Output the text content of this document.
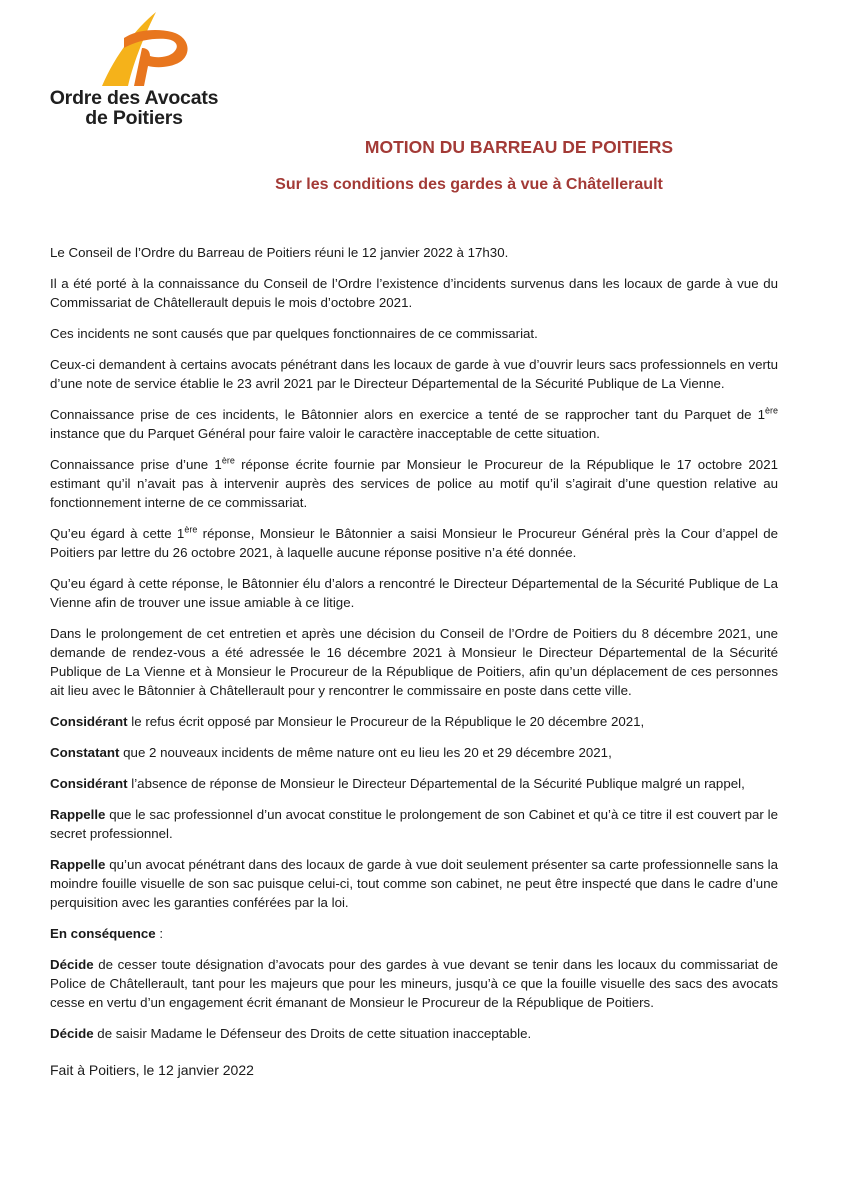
Ordre des Avocats
de Poitiers
MOTION DU BARREAU DE POITIERS
Sur les conditions des gardes à vue à Châtellerault

Le Conseil de l’Ordre du Barreau de Poitiers réuni le 12 janvier 2022 à 17h30.

Il a été porté à la connaissance du Conseil de l’Ordre l’existence d’incidents survenus dans les locaux de garde à vue du Commissariat de Châtellerault depuis le mois d’octobre 2021.

Ces incidents ne sont causés que par quelques fonctionnaires de ce commissariat.

Ceux-ci demandent à certains avocats pénétrant dans les locaux de garde à vue d’ouvrir leurs sacs professionnels en vertu d’une note de service établie le 23 avril 2021 par le Directeur Départemental de la Sécurité Publique de La Vienne.

Connaissance prise de ces incidents, le Bâtonnier alors en exercice a tenté de se rapprocher tant du Parquet de 1ère instance que du Parquet Général pour faire valoir le caractère inacceptable de cette situation.

Connaissance prise d’une 1ère réponse écrite fournie par Monsieur le Procureur de la République le 17 octobre 2021 estimant qu’il n’avait pas à intervenir auprès des services de police au motif qu’il s’agirait d’une question relative au fonctionnement interne de ce commissariat.

Qu’eu égard à cette 1ère réponse, Monsieur le Bâtonnier a saisi Monsieur le Procureur Général près la Cour d’appel de Poitiers par lettre du 26 octobre 2021, à laquelle aucune réponse positive n’a été donnée.

Qu’eu égard à cette réponse, le Bâtonnier élu d’alors a rencontré le Directeur Départemental de la Sécurité Publique de La Vienne afin de trouver une issue amiable à ce litige.

Dans le prolongement de cet entretien et après une décision du Conseil de l’Ordre de Poitiers du 8 décembre 2021, une demande de rendez-vous a été adressée le 16 décembre 2021 à Monsieur le Directeur Départemental de la Sécurité Publique de La Vienne et à Monsieur le Procureur de la République de Poitiers, afin qu’un déplacement de ces personnes ait lieu avec le Bâtonnier à Châtellerault pour y rencontrer le commissaire en poste dans cette ville.

Considérant le refus écrit opposé par Monsieur le Procureur de la République le 20 décembre 2021,

Constatant que 2 nouveaux incidents de même nature ont eu lieu les 20 et 29 décembre 2021,

Considérant l’absence de réponse de Monsieur le Directeur Départemental de la Sécurité Publique malgré un rappel,

Rappelle que le sac professionnel d’un avocat constitue le prolongement de son Cabinet et qu’à ce titre il est couvert par le secret professionnel.

Rappelle qu’un avocat pénétrant dans des locaux de garde à vue doit seulement présenter sa carte professionnelle sans la moindre fouille visuelle de son sac puisque celui-ci, tout comme son cabinet, ne peut être inspecté que dans le cadre d’une perquisition avec les garanties conférées par la loi.

En conséquence :

Décide de cesser toute désignation d’avocats pour des gardes à vue devant se tenir dans les locaux du commissariat de Police de Châtellerault, tant pour les majeurs que pour les mineurs, jusqu’à ce que la fouille visuelle des sacs des avocats cesse en vertu d’un engagement écrit émanant de Monsieur le Procureur de la République de Poitiers.

Décide de saisir Madame le Défenseur des Droits de cette situation inacceptable.

Fait à Poitiers, le 12 janvier 2022
